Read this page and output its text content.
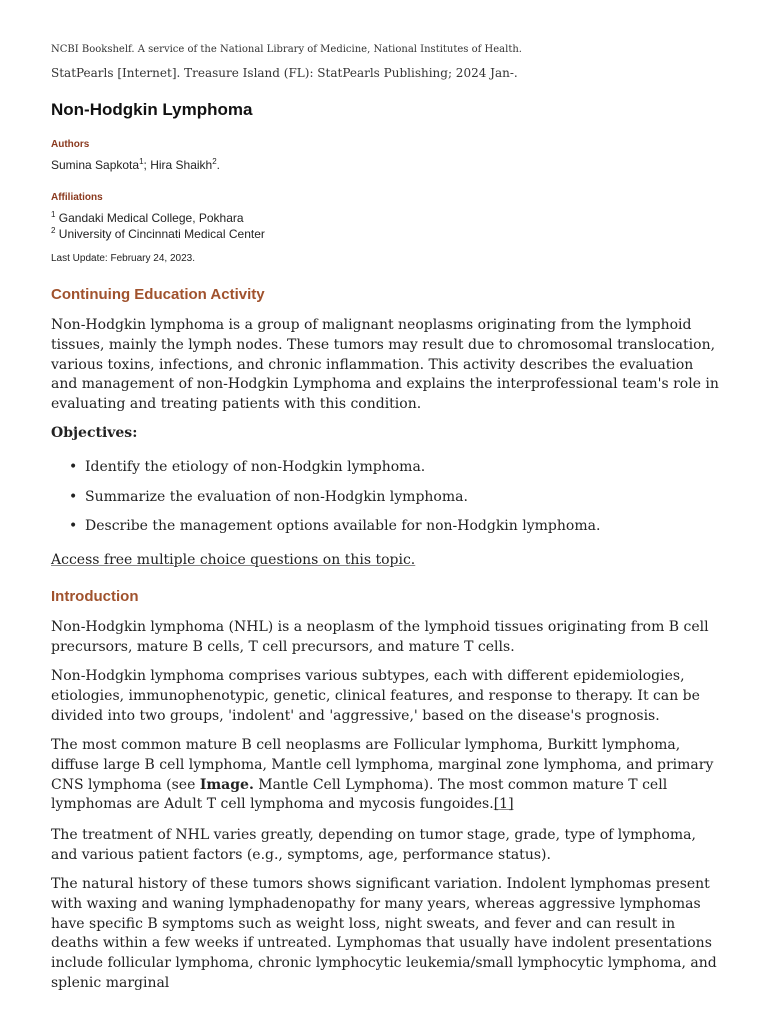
NCBI Bookshelf. A service of the National Library of Medicine, National Institutes of Health.
StatPearls [Internet]. Treasure Island (FL): StatPearls Publishing; 2024 Jan-.
Non-Hodgkin Lymphoma
Authors
Sumina Sapkota$^1$; Hira Shaikh$^2$.
Affiliations
$^1$ Gandaki Medical College, Pokhara
$^2$ University of Cincinnati Medical Center
Last Update: February 24, 2023.
Continuing Education Activity
Non-Hodgkin lymphoma is a group of malignant neoplasms originating from the lymphoid tissues, mainly the lymph nodes. These tumors may result due to chromosomal translocation, various toxins, infections, and chronic inflammation. This activity describes the evaluation and management of non-Hodgkin Lymphoma and explains the interprofessional team's role in evaluating and treating patients with this condition.
Objectives:
• Identify the etiology of non-Hodgkin lymphoma.
• Summarize the evaluation of non-Hodgkin lymphoma.
• Describe the management options available for non-Hodgkin lymphoma.
Access free multiple choice questions on this topic.
Introduction
Non-Hodgkin lymphoma (NHL) is a neoplasm of the lymphoid tissues originating from B cell precursors, mature B cells, T cell precursors, and mature T cells.
Non-Hodgkin lymphoma comprises various subtypes, each with different epidemiologies, etiologies, immunophenotypic, genetic, clinical features, and response to therapy. It can be divided into two groups, 'indolent' and 'aggressive,' based on the disease's prognosis.
The most common mature B cell neoplasms are Follicular lymphoma, Burkitt lymphoma, diffuse large B cell lymphoma, Mantle cell lymphoma, marginal zone lymphoma, and primary CNS lymphoma (see Image. Mantle Cell Lymphoma). The most common mature T cell lymphomas are Adult T cell lymphoma and mycosis fungoides.[1]
The treatment of NHL varies greatly, depending on tumor stage, grade, type of lymphoma, and various patient factors (e.g., symptoms, age, performance status).
The natural history of these tumors shows significant variation. Indolent lymphomas present with waxing and waning lymphadenopathy for many years, whereas aggressive lymphomas have specific B symptoms such as weight loss, night sweats, and fever and can result in deaths within a few weeks if untreated. Lymphomas that usually have indolent presentations include follicular lymphoma, chronic lymphocytic leukemia/small lymphocytic lymphoma, and splenic marginal
